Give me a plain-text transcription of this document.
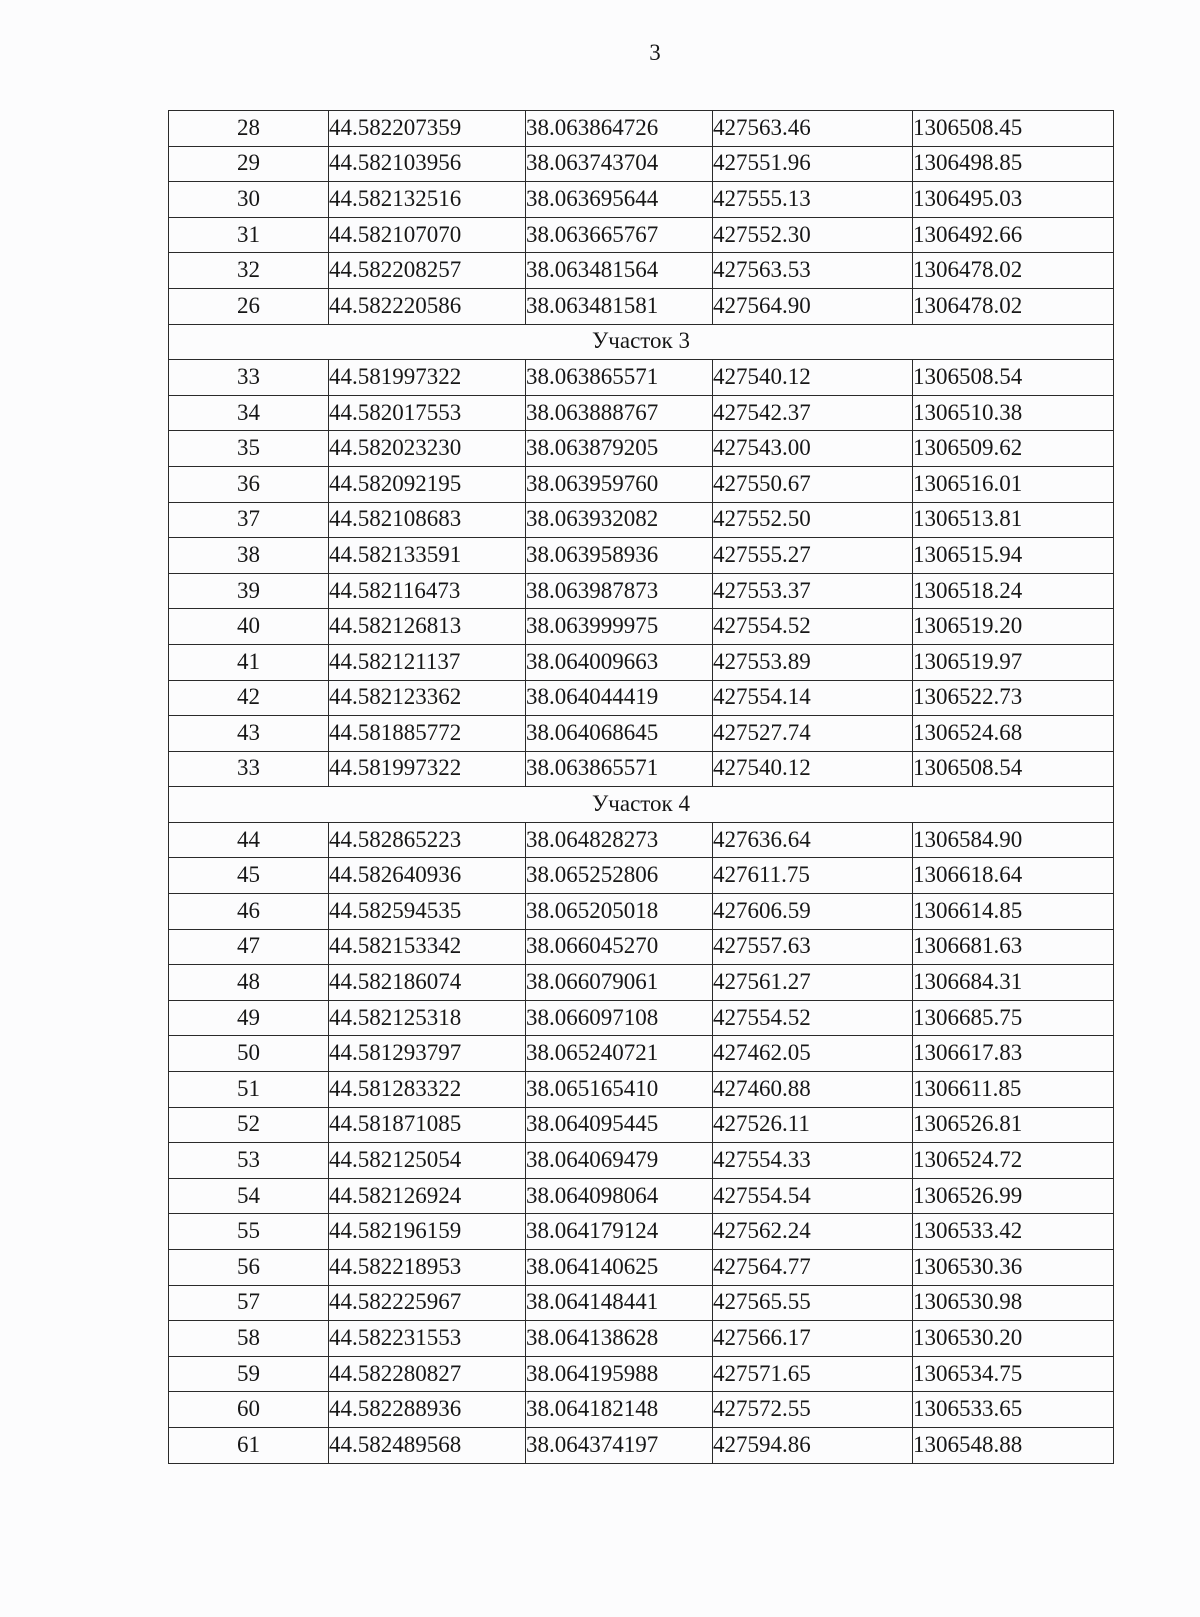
3
28	44.582207359	38.063864726	427563.46	1306508.45
29	44.582103956	38.063743704	427551.96	1306498.85
30	44.582132516	38.063695644	427555.13	1306495.03
31	44.582107070	38.063665767	427552.30	1306492.66
32	44.582208257	38.063481564	427563.53	1306478.02
26	44.582220586	38.063481581	427564.90	1306478.02
Участок 3				
33	44.581997322	38.063865571	427540.12	1306508.54
34	44.582017553	38.063888767	427542.37	1306510.38
35	44.582023230	38.063879205	427543.00	1306509.62
36	44.582092195	38.063959760	427550.67	1306516.01
37	44.582108683	38.063932082	427552.50	1306513.81
38	44.582133591	38.063958936	427555.27	1306515.94
39	44.582116473	38.063987873	427553.37	1306518.24
40	44.582126813	38.063999975	427554.52	1306519.20
41	44.582121137	38.064009663	427553.89	1306519.97
42	44.582123362	38.064044419	427554.14	1306522.73
43	44.581885772	38.064068645	427527.74	1306524.68
33	44.581997322	38.063865571	427540.12	1306508.54
Участок 4				
44	44.582865223	38.064828273	427636.64	1306584.90
45	44.582640936	38.065252806	427611.75	1306618.64
46	44.582594535	38.065205018	427606.59	1306614.85
47	44.582153342	38.066045270	427557.63	1306681.63
48	44.582186074	38.066079061	427561.27	1306684.31
49	44.582125318	38.066097108	427554.52	1306685.75
50	44.581293797	38.065240721	427462.05	1306617.83
51	44.581283322	38.065165410	427460.88	1306611.85
52	44.581871085	38.064095445	427526.11	1306526.81
53	44.582125054	38.064069479	427554.33	1306524.72
54	44.582126924	38.064098064	427554.54	1306526.99
55	44.582196159	38.064179124	427562.24	1306533.42
56	44.582218953	38.064140625	427564.77	1306530.36
57	44.582225967	38.064148441	427565.55	1306530.98
58	44.582231553	38.064138628	427566.17	1306530.20
59	44.582280827	38.064195988	427571.65	1306534.75
60	44.582288936	38.064182148	427572.55	1306533.65
61	44.582489568	38.064374197	427594.86	1306548.88
